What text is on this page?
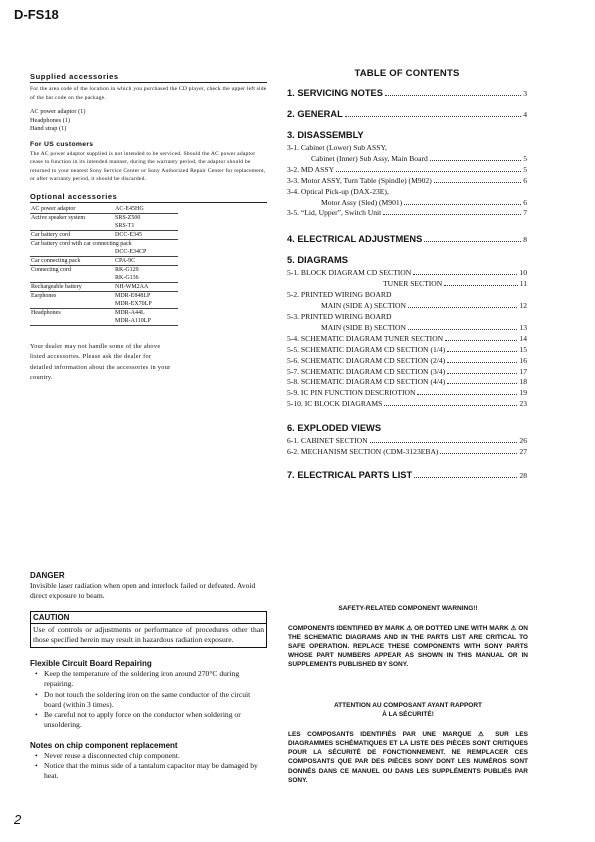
D-FS18

Supplied accessories

For the area code of the location in which you purchased the CD player, check the upper left side of the bar code on the package.

AC power adaptor (1)
Headphones (1)
Hand strap (1)

For US customers

The AC power adaptor supplied is not intended to be serviced. Should the AC power adaptor cease to function in its intended manner, during the warranty period, the adaptor should be returned to your nearest Sony Service Center or Sony Authorized Repair Center for replacement, or after warranty period, it should be discarded.

Optional accessories

AC power adaptor	AC-E45HG

Active speaker system	SRS-Z500
SRS-T1

Car battery cord	DCC-E345

Car battery cord with car connecting pack
DCC-E34CP	

Car connecting pack	CPA-9C

Connecting cord	RK-G129
RK-G136

Rechargeable battery	NH-WM2AA

Earphones	MDR-E848LP
MDR-EX70LP

Headphones	MDR-A44L
MDR-A110LP
Your dealer may not handle some of the above listed accessories. Please ask the dealer for detailed information about the accessories in your country.

TABLE OF CONTENTS

1. SERVICING NOTES	3
2. GENERAL	4
3. DISASSEMBLY
3-1. Cabinet (Lower) Sub ASSY,
Cabinet (Inner) Sub Assy, Main Board	5
3-2. MD ASSY	5
3-3. Motor ASSY, Turn Table (Spindle) (M902)	6
3-4. Optical Pick-up (DAX-23E),
Motor Assy (Sled) (M901)	6
3-5. “Lid, Upper”, Switch Unit	7
4. ELECTRICAL ADJUSTMENS	8
5. DIAGRAMS
5-1. BLOCK DIAGRAM CD SECTION	10
TUNER SECTION	11
5-2. PRINTED WIRING BOARD
MAIN (SIDE A) SECTION	12
5-3. PRINTED WIRING BOARD
MAIN (SIDE B) SECTION	13
5-4. SCHEMATIC DIAGRAM TUNER SECTION	14
5-5. SCHEMATIC DIAGRAM CD SECTION (1/4)	15
5-6. SCHEMATIC DIAGRAM CD SECTION (2/4)	16
5-7. SCHEMATIC DIAGRAM CD SECTION (3/4)	17
5-8. SCHEMATIC DIAGRAM CD SECTION (4/4)	18
5-9. IC PIN FUNCTION DESCRIOTION	19
5-10. IC BLOCK DIAGRAMS	23
6. EXPLODED VIEWS
6-1. CABINET SECTION	26
6-2. MECHANISM SECTION (CDM-3123EBA)	27
7. ELECTRICAL PARTS LIST	28

DANGER

Invisible laser radiation when open and interlock failed or defeated. Avoid direct exposure to beam.

CAUTION

Use of controls or adjustments or performance of procedures other than those specified herein may result in hazardous radiation exposure.

Flexible Circuit Board Repairing

• Keep the temperature of the soldering iron around 270°C during repairing.
• Do not touch the soldering iron on the same conductor of the circuit board (within 3 times).
• Be careful not to apply force on the conductor when soldering or unsoldering.

Notes on chip component replacement

• Never reuse a disconnected chip component.
• Notice that the minus side of a tantalum capacitor may be damaged by heat.
SAFETY-RELATED COMPONENT WARNING!!
COMPONENTS IDENTIFIED BY MARK ⚠ OR DOTTED LINE WITH MARK ⚠ ON THE SCHEMATIC DIAGRAMS AND IN THE PARTS LIST ARE CRITICAL TO SAFE OPERATION. REPLACE THESE COMPONENTS WITH SONY PARTS WHOSE PART NUMBERS APPEAR AS SHOWN IN THIS MANUAL OR IN SUPPLEMENTS PUBLISHED BY SONY.
ATTENTION AU COMPOSANT AYANT RAPPORT
À LA SÉCURITÉ!
LES COMPOSANTS IDENTIFIÉS PAR UNE MARQUE ⚠ SUR LES DIAGRAMMES SCHÉMATIQUES ET LA LISTE DES PIÈCES SONT CRITIQUES POUR LA SÉCURITÉ DE FONCTIONNEMENT. NE REMPLACER CES COMPOSANTS QUE PAR DES PIÈCES SONY DONT LES NUMÉROS SONT DONNÉS DANS CE MANUEL OU DANS LES SUPPLÉMENTS PUBLIÉS PAR SONY.
2
